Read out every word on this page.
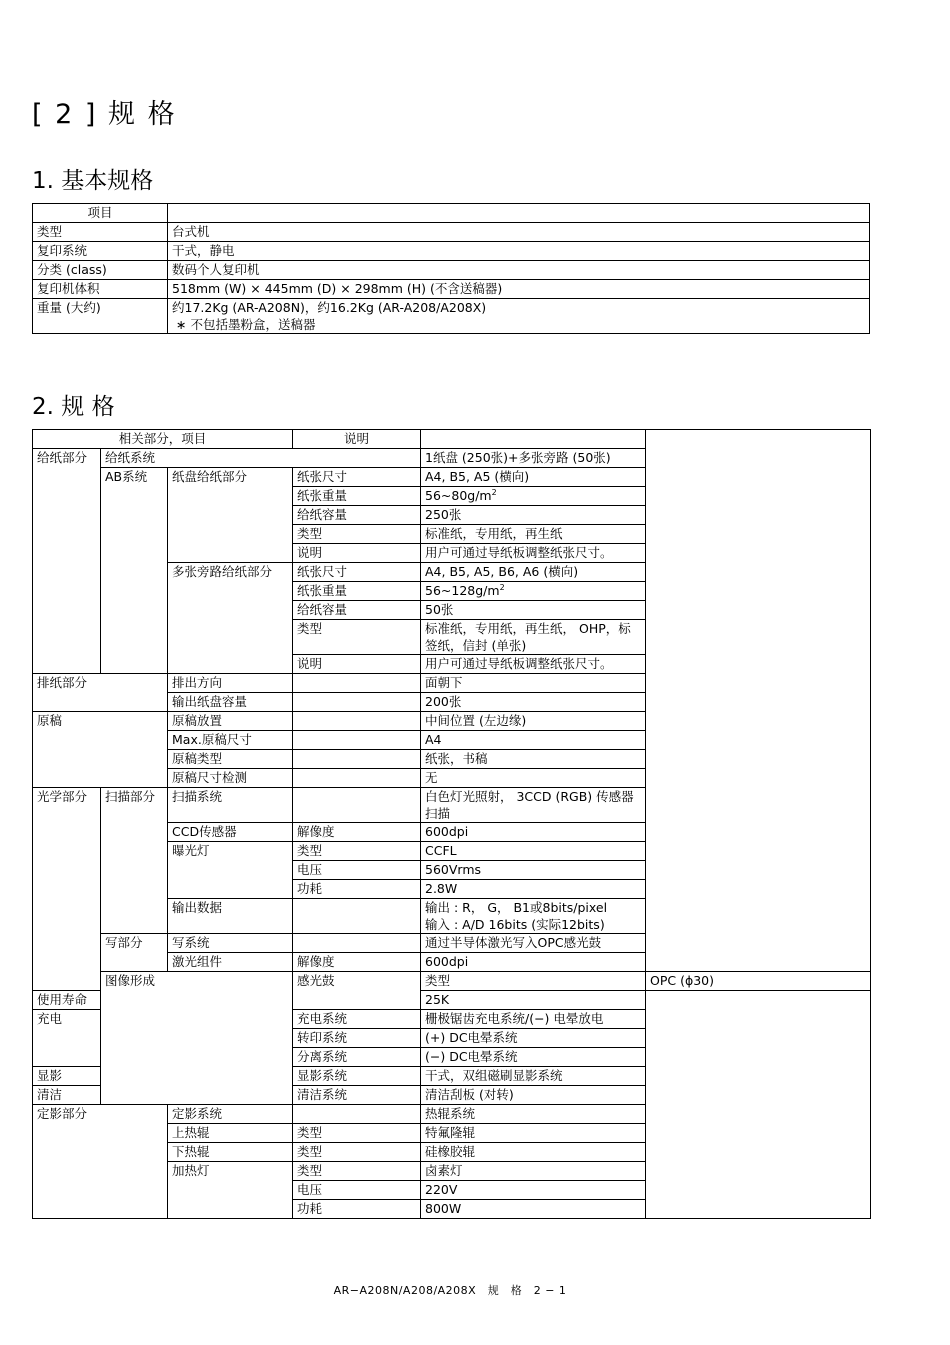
[ 2 ] 规 格
1. 基本规格
项目	
类型	台式机
复印系统	干式，静电
分类 (class)	数码个人复印机
复印机体积	518mm (W) × 445mm (D) × 298mm (H) (不含送稿器)
重量 (大约)	约17.2Kg (AR-A208N)，约16.2Kg (AR-A208/A208X)
∗ 不包括墨粉盒，送稿器
2. 规 格
相关部分，项目			说明		
给纸部分	给纸系统			1纸盘 (250张)+多张旁路 (50张)	
	AB系统	纸盘给纸部分	纸张尺寸	A4, B5, A5 (横向)	
			纸张重量	$56\sim 80g/m^2$
			给纸容量	250张	
			类型	标准纸，专用纸，再生纸	
			说明	用户可通过导纸板调整纸张尺寸。	
		多张旁路给纸部分	纸张尺寸	A4, B5, A5, B6, A6 (横向)	
			纸张重量	$56\sim 128g/m^2$
			给纸容量	50张	
			类型	标准纸，专用纸，再生纸， OHP，标签纸，信封 (单张)	
			说明	用户可通过导纸板调整纸张尺寸。	
排纸部分		排出方向		面朝下	
		输出纸盘容量		200张	
原稿		原稿放置		中间位置 (左边缘)	
		Max.原稿尺寸		A4	
		原稿类型		纸张，书稿	
		原稿尺寸检测		无	
光学部分	扫描部分	扫描系统		白色灯光照射， 3CCD (RGB) 传感器扫描	
		CCD传感器	解像度	600dpi	
		曝光灯	类型	CCFL	
			电压	560Vrms	
			功耗	2.8W	
		输出数据		输出 : R， G， B1或8bits/pixel
输入 : A/D 16bits (实际12bits)	

	写部分	写系统		通过半导体激光写入OPC感光鼓	
		激光组件	解像度	600dpi	
	图像形成		感光鼓	类型	OPC (ϕ30)
使用寿命				25K	
充电			充电系统	栅极锯齿充电系统/(−) 电晕放电	
			转印系统	(+) DC电晕系统	
			分离系统	(−) DC电晕系统	
显影			显影系统	干式，双组磁刷显影系统	
清洁			清洁系统	清洁刮板 (对转)	
定影部分		定影系统		热辊系统	
		上热辊	类型	特氟隆辊	
		下热辊	类型	硅橡胶辊	
		加热灯	类型	卤素灯	
			电压	220V	
			功耗	800W	
AR−A208N/A208/A208X　规　格　2 − 1
